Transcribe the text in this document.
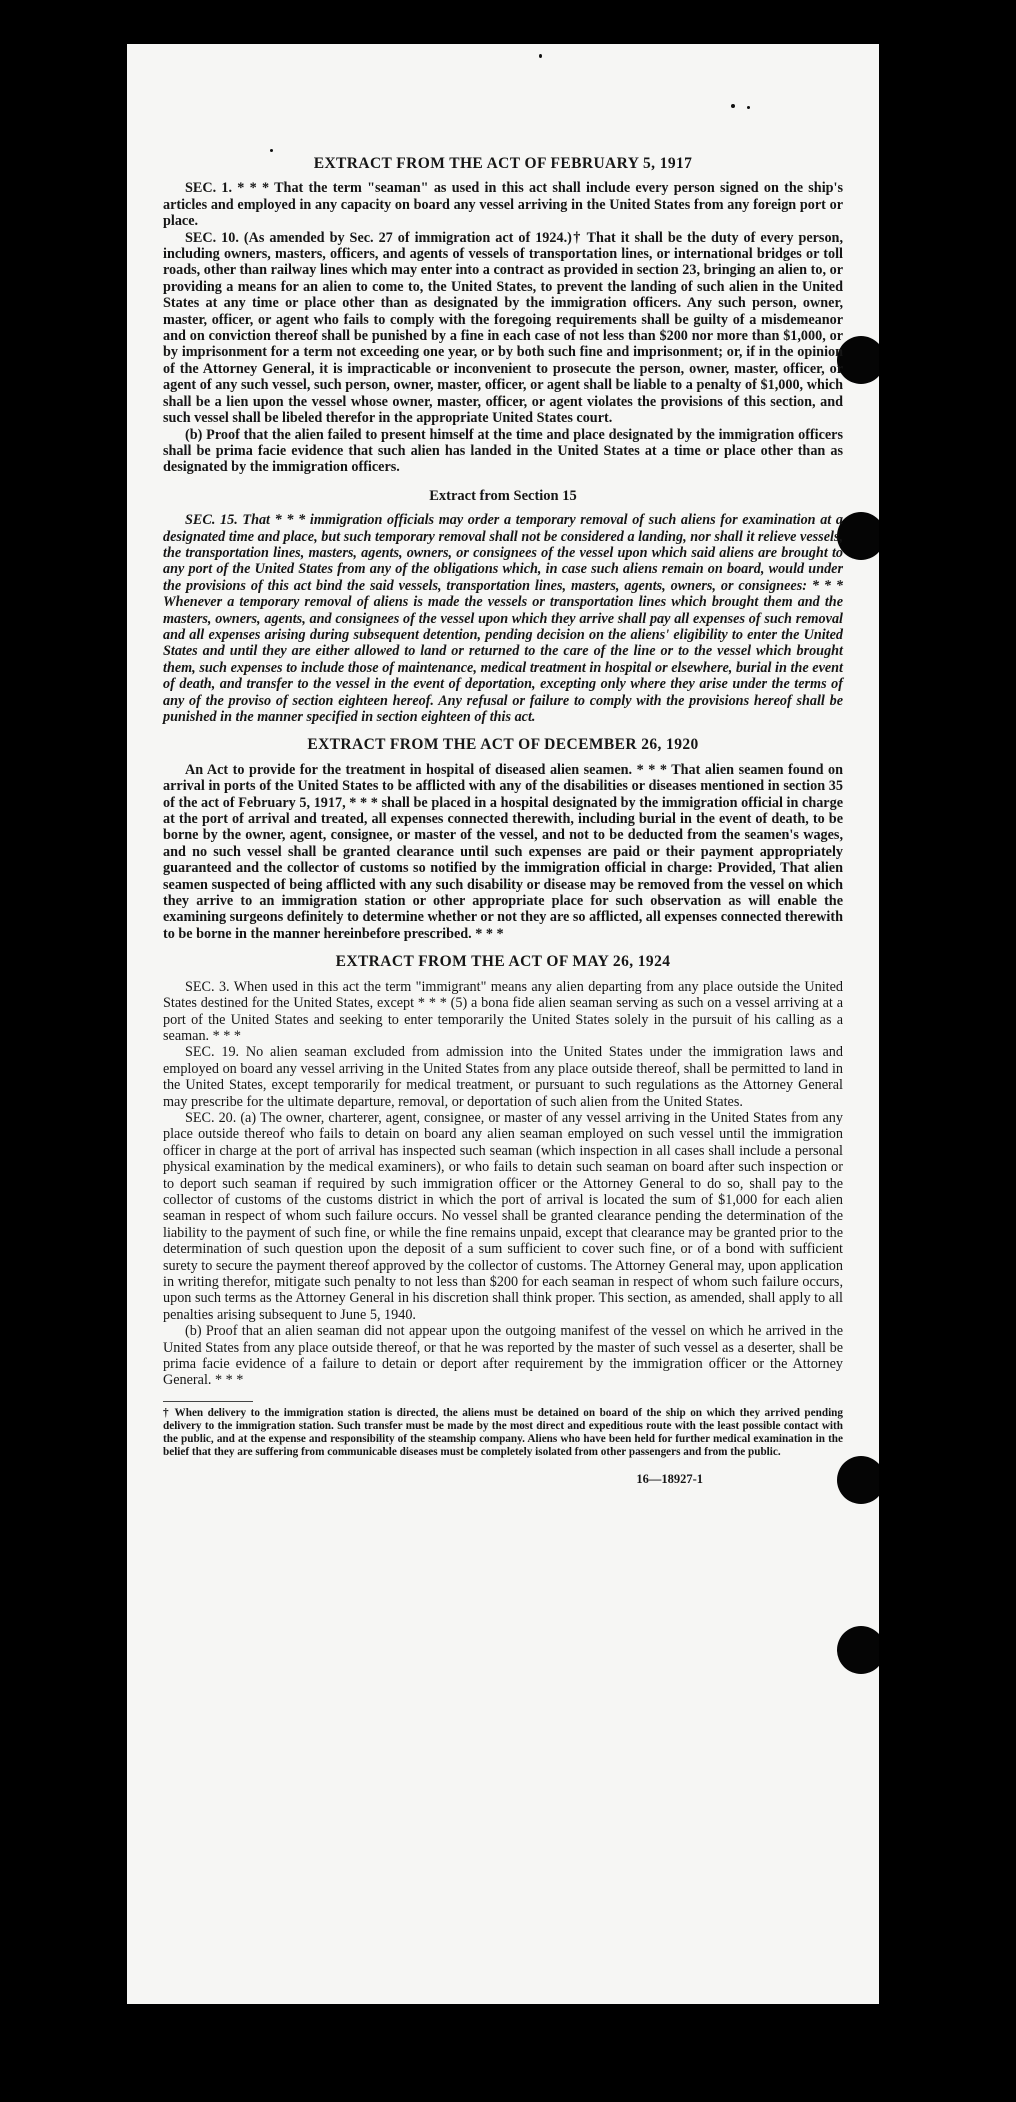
EXTRACT FROM THE ACT OF FEBRUARY 5, 1917

SEC. 1. * * * That the term "seaman" as used in this act shall include every person signed on the ship's articles and employed in any capacity on board any vessel arriving in the United States from any foreign port or place.

SEC. 10. (As amended by Sec. 27 of immigration act of 1924.)† That it shall be the duty of every person, including owners, masters, officers, and agents of vessels of transportation lines, or international bridges or toll roads, other than railway lines which may enter into a contract as provided in section 23, bringing an alien to, or providing a means for an alien to come to, the United States, to prevent the landing of such alien in the United States at any time or place other than as designated by the immigration officers. Any such person, owner, master, officer, or agent who fails to comply with the foregoing requirements shall be guilty of a misdemeanor and on conviction thereof shall be punished by a fine in each case of not less than $200 nor more than $1,000, or by imprisonment for a term not exceeding one year, or by both such fine and imprisonment; or, if in the opinion of the Attorney General, it is impracticable or inconvenient to prosecute the person, owner, master, officer, or agent of any such vessel, such person, owner, master, officer, or agent shall be liable to a penalty of $1,000, which shall be a lien upon the vessel whose owner, master, officer, or agent violates the provisions of this section, and such vessel shall be libeled therefor in the appropriate United States court.

(b) Proof that the alien failed to present himself at the time and place designated by the immigration officers shall be prima facie evidence that such alien has landed in the United States at a time or place other than as designated by the immigration officers.

Extract from Section 15

SEC. 15. That * * * immigration officials may order a temporary removal of such aliens for examination at a designated time and place, but such temporary removal shall not be considered a landing, nor shall it relieve vessels, the transportation lines, masters, agents, owners, or consignees of the vessel upon which said aliens are brought to any port of the United States from any of the obligations which, in case such aliens remain on board, would under the provisions of this act bind the said vessels, transportation lines, masters, agents, owners, or consignees: * * * Whenever a temporary removal of aliens is made the vessels or transportation lines which brought them and the masters, owners, agents, and consignees of the vessel upon which they arrive shall pay all expenses of such removal and all expenses arising during subsequent detention, pending decision on the aliens' eligibility to enter the United States and until they are either allowed to land or returned to the care of the line or to the vessel which brought them, such expenses to include those of maintenance, medical treatment in hospital or elsewhere, burial in the event of death, and transfer to the vessel in the event of deportation, excepting only where they arise under the terms of any of the proviso of section eighteen hereof. Any refusal or failure to comply with the provisions hereof shall be punished in the manner specified in section eighteen of this act.

EXTRACT FROM THE ACT OF DECEMBER 26, 1920

An Act to provide for the treatment in hospital of diseased alien seamen. * * * That alien seamen found on arrival in ports of the United States to be afflicted with any of the disabilities or diseases mentioned in section 35 of the act of February 5, 1917, * * * shall be placed in a hospital designated by the immigration official in charge at the port of arrival and treated, all expenses connected therewith, including burial in the event of death, to be borne by the owner, agent, consignee, or master of the vessel, and not to be deducted from the seamen's wages, and no such vessel shall be granted clearance until such expenses are paid or their payment appropriately guaranteed and the collector of customs so notified by the immigration official in charge: Provided, That alien seamen suspected of being afflicted with any such disability or disease may be removed from the vessel on which they arrive to an immigration station or other appropriate place for such observation as will enable the examining surgeons definitely to determine whether or not they are so afflicted, all expenses connected therewith to be borne in the manner hereinbefore prescribed. * * *

EXTRACT FROM THE ACT OF MAY 26, 1924

SEC. 3. When used in this act the term "immigrant" means any alien departing from any place outside the United States destined for the United States, except * * * (5) a bona fide alien seaman serving as such on a vessel arriving at a port of the United States and seeking to enter temporarily the United States solely in the pursuit of his calling as a seaman. * * *

SEC. 19. No alien seaman excluded from admission into the United States under the immigration laws and employed on board any vessel arriving in the United States from any place outside thereof, shall be permitted to land in the United States, except temporarily for medical treatment, or pursuant to such regulations as the Attorney General may prescribe for the ultimate departure, removal, or deportation of such alien from the United States.

SEC. 20. (a) The owner, charterer, agent, consignee, or master of any vessel arriving in the United States from any place outside thereof who fails to detain on board any alien seaman employed on such vessel until the immigration officer in charge at the port of arrival has inspected such seaman (which inspection in all cases shall include a personal physical examination by the medical examiners), or who fails to detain such seaman on board after such inspection or to deport such seaman if required by such immigration officer or the Attorney General to do so, shall pay to the collector of customs of the customs district in which the port of arrival is located the sum of $1,000 for each alien seaman in respect of whom such failure occurs. No vessel shall be granted clearance pending the determination of the liability to the payment of such fine, or while the fine remains unpaid, except that clearance may be granted prior to the determination of such question upon the deposit of a sum sufficient to cover such fine, or of a bond with sufficient surety to secure the payment thereof approved by the collector of customs. The Attorney General may, upon application in writing therefor, mitigate such penalty to not less than $200 for each seaman in respect of whom such failure occurs, upon such terms as the Attorney General in his discretion shall think proper. This section, as amended, shall apply to all penalties arising subsequent to June 5, 1940.

(b) Proof that an alien seaman did not appear upon the outgoing manifest of the vessel on which he arrived in the United States from any place outside thereof, or that he was reported by the master of such vessel as a deserter, shall be prima facie evidence of a failure to detain or deport after requirement by the immigration officer or the Attorney General. * * *

† When delivery to the immigration station is directed, the aliens must be detained on board of the ship on which they arrived pending delivery to the immigration station. Such transfer must be made by the most direct and expeditious route with the least possible contact with the public, and at the expense and responsibility of the steamship company. Aliens who have been held for further medical examination in the belief that they are suffering from communicable diseases must be completely isolated from other passengers and from the public.
16—18927-1
